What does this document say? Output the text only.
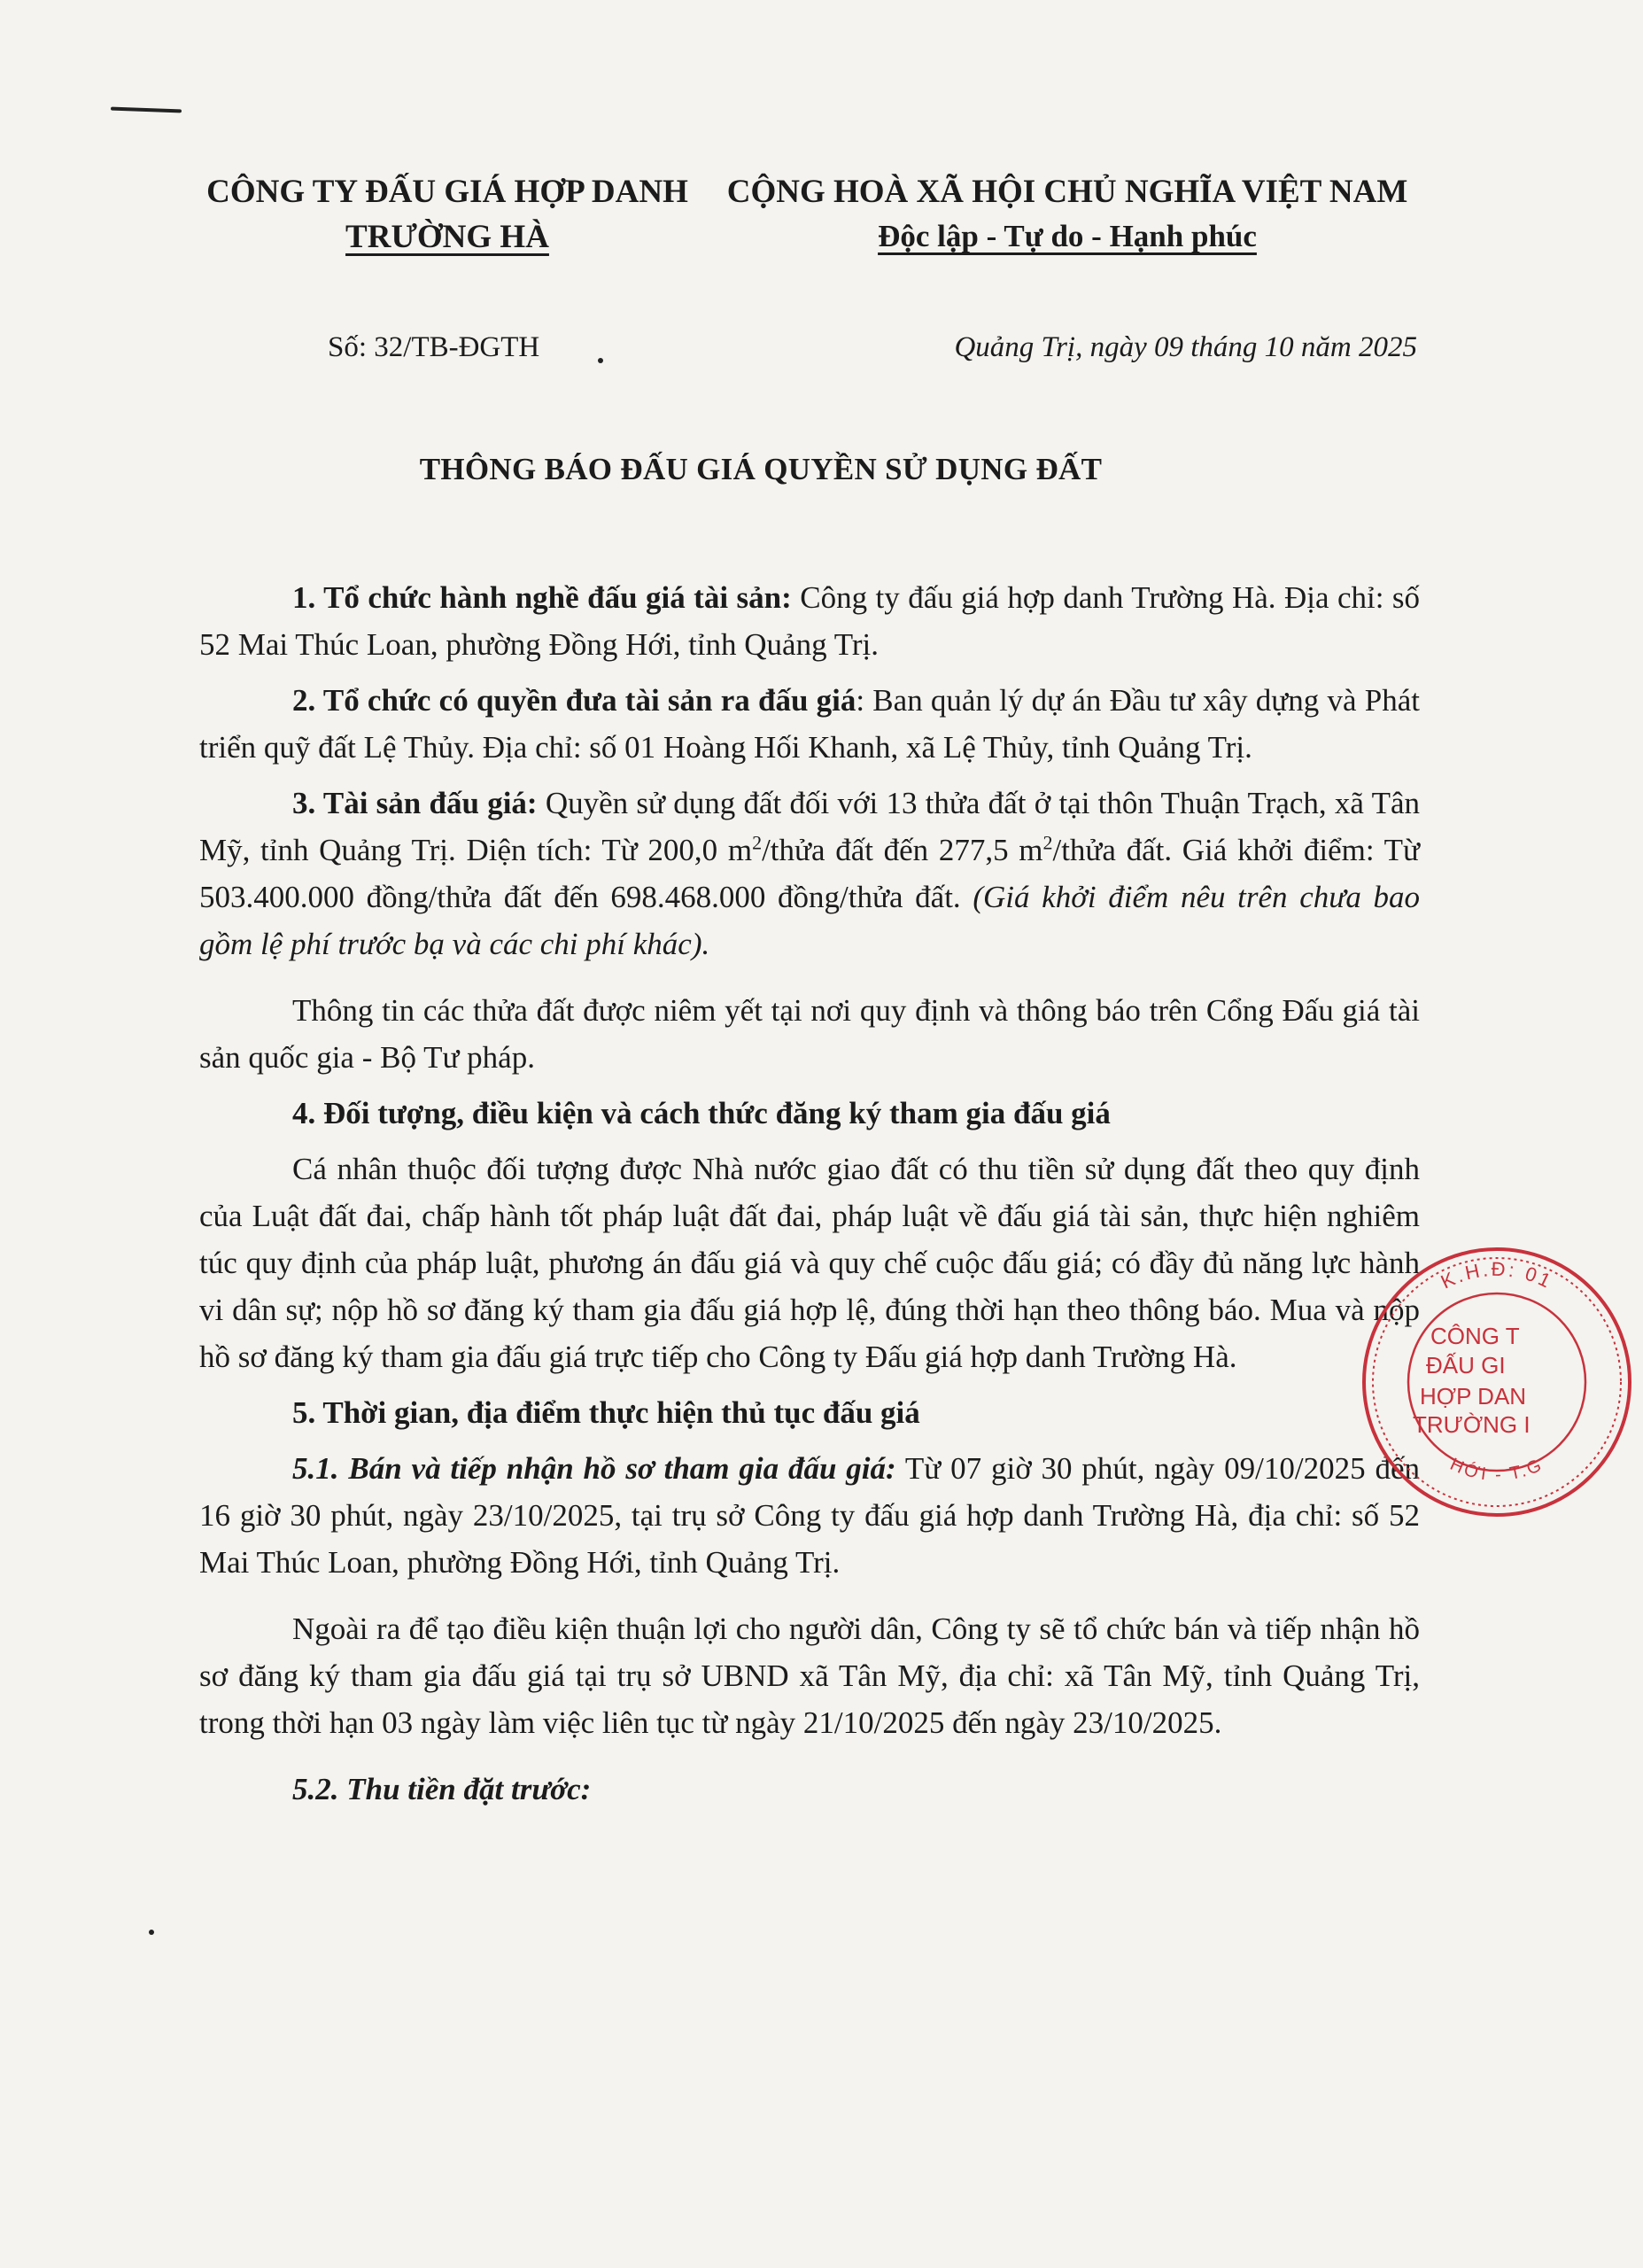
CÔNG TY ĐẤU GIÁ HỢP DANH
TRƯỜNG HÀ
CỘNG HOÀ XÃ HỘI CHỦ NGHĨA VIỆT NAM
Độc lập - Tự do - Hạnh phúc
Số: 32/TB-ĐGTH	Quảng Trị, ngày 09 tháng 10 năm 2025
THÔNG BÁO ĐẤU GIÁ QUYỀN SỬ DỤNG ĐẤT

1. Tổ chức hành nghề đấu giá tài sản: Công ty đấu giá hợp danh Trường Hà. Địa chỉ: số 52 Mai Thúc Loan, phường Đồng Hới, tỉnh Quảng Trị.

2. Tổ chức có quyền đưa tài sản ra đấu giá: Ban quản lý dự án Đầu tư xây dựng và Phát triển quỹ đất Lệ Thủy. Địa chỉ: số 01 Hoàng Hối Khanh, xã Lệ Thủy, tỉnh Quảng Trị.

3. Tài sản đấu giá: Quyền sử dụng đất đối với 13 thửa đất ở tại thôn Thuận Trạch, xã Tân Mỹ, tỉnh Quảng Trị. Diện tích: Từ 200,0 $m^2$/thửa đất đến 277,5 $m^2$/thửa đất. Giá khởi điểm: Từ 503.400.000 đồng/thửa đất đến 698.468.000 đồng/thửa đất. (Giá khởi điểm nêu trên chưa bao gồm lệ phí trước bạ và các chi phí khác).

Thông tin các thửa đất được niêm yết tại nơi quy định và thông báo trên Cổng Đấu giá tài sản quốc gia - Bộ Tư pháp.

4. Đối tượng, điều kiện và cách thức đăng ký tham gia đấu giá

Cá nhân thuộc đối tượng được Nhà nước giao đất có thu tiền sử dụng đất theo quy định của Luật đất đai, chấp hành tốt pháp luật đất đai, pháp luật về đấu giá tài sản, thực hiện nghiêm túc quy định của pháp luật, phương án đấu giá và quy chế cuộc đấu giá; có đầy đủ năng lực hành vi dân sự; nộp hồ sơ đăng ký tham gia đấu giá hợp lệ, đúng thời hạn theo thông báo. Mua và nộp hồ sơ đăng ký tham gia đấu giá trực tiếp cho Công ty Đấu giá hợp danh Trường Hà.

5. Thời gian, địa điểm thực hiện thủ tục đấu giá

5.1. Bán và tiếp nhận hồ sơ tham gia đấu giá: Từ 07 giờ 30 phút, ngày 09/10/2025 đến 16 giờ 30 phút, ngày 23/10/2025, tại trụ sở Công ty đấu giá hợp danh Trường Hà, địa chỉ: số 52 Mai Thúc Loan, phường Đồng Hới, tỉnh Quảng Trị.

Ngoài ra để tạo điều kiện thuận lợi cho người dân, Công ty sẽ tổ chức bán và tiếp nhận hồ sơ đăng ký tham gia đấu giá tại trụ sở UBND xã Tân Mỹ, địa chỉ: xã Tân Mỹ, tỉnh Quảng Trị, trong thời hạn 03 ngày làm việc liên tục từ ngày 21/10/2025 đến ngày 23/10/2025.

5.2. Thu tiền đặt trước:

K.H.Đ: 01
HỚI - T.G
CÔNG T
ĐẤU GI
HỢP DAN
TRƯỜNG I
